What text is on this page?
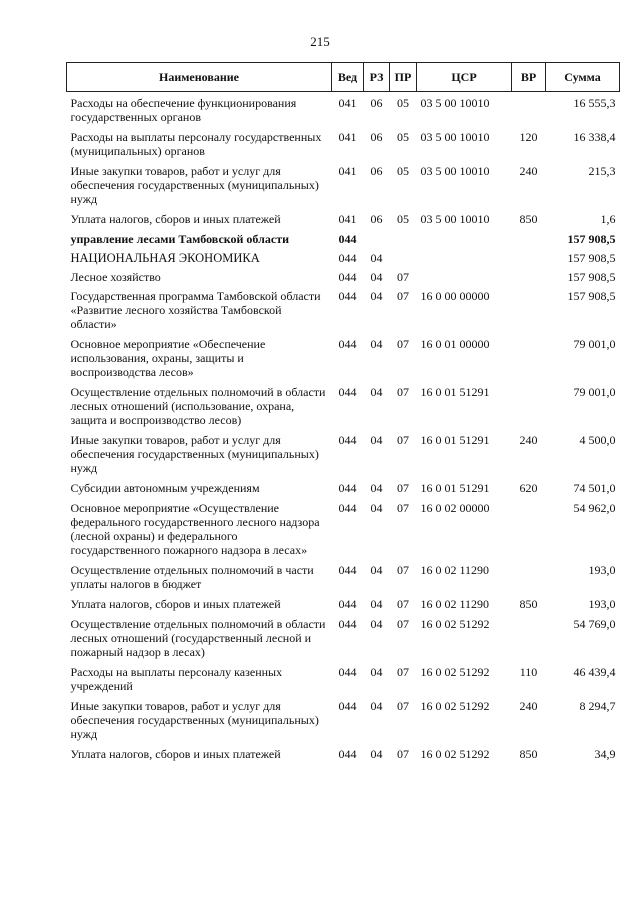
215
Наименование	Вед	РЗ	ПР	ЦСР	ВР	Сумма
Расходы на обеспечение функционирования государственных органов	041	06	05	03 5 00 10010		16 555,3
Расходы на выплаты персоналу государственных (муниципальных) органов	041	06	05	03 5 00 10010	120	16 338,4
Иные закупки товаров, работ и услуг для обеспечения государственных (муниципальных) нужд	041	06	05	03 5 00 10010	240	215,3
Уплата налогов, сборов и иных платежей	041	06	05	03 5 00 10010	850	1,6
управление лесами Тамбовской области	044					157 908,5
НАЦИОНАЛЬНАЯ ЭКОНОМИКА	044	04				157 908,5
Лесное хозяйство	044	04	07			157 908,5
Государственная программа Тамбовской области «Развитие лесного хозяйства Тамбовской области»	044	04	07	16 0 00 00000		157 908,5
Основное мероприятие «Обеспечение использования, охраны, защиты и воспроизводства лесов»	044	04	07	16 0 01 00000		79 001,0
Осуществление отдельных полномочий в области лесных отношений (использование, охрана, защита и воспроизводство лесов)	044	04	07	16 0 01 51291		79 001,0
Иные закупки товаров, работ и услуг для обеспечения государственных (муниципальных) нужд	044	04	07	16 0 01 51291	240	4 500,0
Субсидии автономным учреждениям	044	04	07	16 0 01 51291	620	74 501,0
Основное мероприятие «Осуществление федерального государственного лесного надзора (лесной охраны) и федерального государственного пожарного надзора в лесах»	044	04	07	16 0 02 00000		54 962,0
Осуществление отдельных полномочий в части уплаты налогов в бюджет	044	04	07	16 0 02 11290		193,0
Уплата налогов, сборов и иных платежей	044	04	07	16 0 02 11290	850	193,0
Осуществление отдельных полномочий в области лесных отношений (государственный лесной и пожарный надзор в лесах)	044	04	07	16 0 02 51292		54 769,0
Расходы на выплаты персоналу казенных учреждений	044	04	07	16 0 02 51292	110	46 439,4
Иные закупки товаров, работ и услуг для обеспечения государственных (муниципальных) нужд	044	04	07	16 0 02 51292	240	8 294,7
Уплата налогов, сборов и иных платежей	044	04	07	16 0 02 51292	850	34,9
